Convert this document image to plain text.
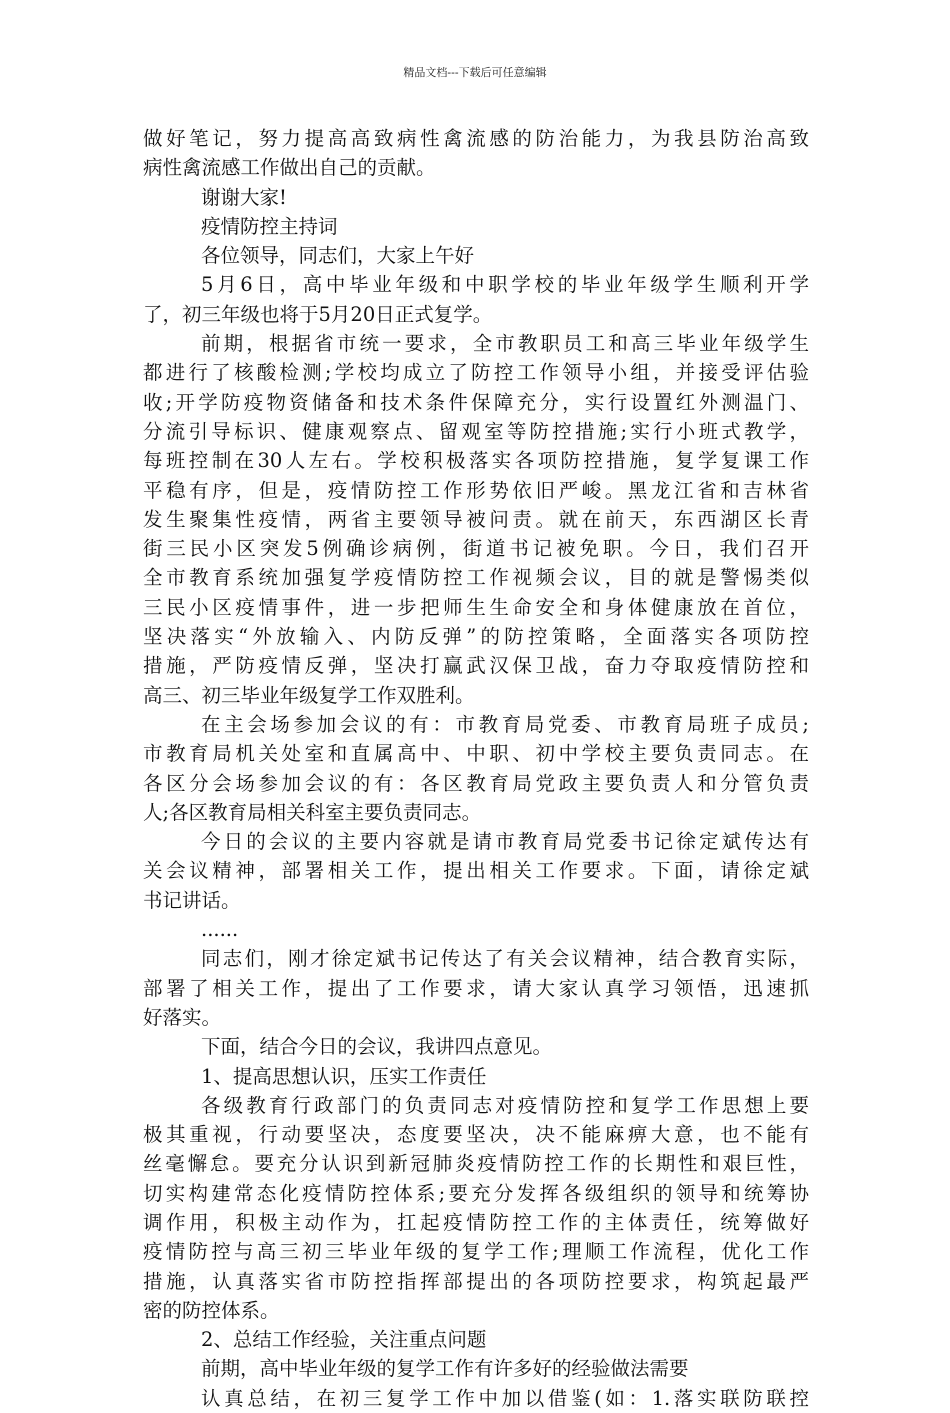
精品文档---下载后可任意编辑
做好笔记，努力提高高致病性禽流感的防治能力，为我县防治高致
病性禽流感工作做出自己的贡献。
谢谢大家!
疫情防控主持词
各位领导，同志们，大家上午好
5月6日，高中毕业年级和中职学校的毕业年级学生顺利开学
了，初三年级也将于5月20日正式复学。
前期，根据省市统一要求，全市教职员工和高三毕业年级学生
都进行了核酸检测;学校均成立了防控工作领导小组，并接受评估验
收;开学防疫物资储备和技术条件保障充分，实行设置红外测温门、
分流引导标识、健康观察点、留观室等防控措施;实行小班式教学，
每班控制在30人左右。学校积极落实各项防控措施，复学复课工作
平稳有序，但是，疫情防控工作形势依旧严峻。黑龙江省和吉林省
发生聚集性疫情，两省主要领导被问责。就在前天，东西湖区长青
街三民小区突发5例确诊病例，街道书记被免职。今日，我们召开
全市教育系统加强复学疫情防控工作视频会议，目的就是警惕类似
三民小区疫情事件，进一步把师生生命安全和身体健康放在首位，
坚决落实“外放输入、内防反弹”的防控策略，全面落实各项防控
措施，严防疫情反弹，坚决打赢武汉保卫战，奋力夺取疫情防控和
高三、初三毕业年级复学工作双胜利。
在主会场参加会议的有：市教育局党委、市教育局班子成员;
市教育局机关处室和直属高中、中职、初中学校主要负责同志。在
各区分会场参加会议的有：各区教育局党政主要负责人和分管负责
人;各区教育局相关科室主要负责同志。
今日的会议的主要内容就是请市教育局党委书记徐定斌传达有
关会议精神，部署相关工作，提出相关工作要求。下面，请徐定斌
书记讲话。
......
同志们，刚才徐定斌书记传达了有关会议精神，结合教育实际，
部署了相关工作，提出了工作要求，请大家认真学习领悟，迅速抓
好落实。
下面，结合今日的会议，我讲四点意见。
1、提高思想认识，压实工作责任
各级教育行政部门的负责同志对疫情防控和复学工作思想上要
极其重视，行动要坚决，态度要坚决，决不能麻痹大意，也不能有
丝毫懈怠。要充分认识到新冠肺炎疫情防控工作的长期性和艰巨性，
切实构建常态化疫情防控体系;要充分发挥各级组织的领导和统筹协
调作用，积极主动作为，扛起疫情防控工作的主体责任，统筹做好
疫情防控与高三初三毕业年级的复学工作;理顺工作流程，优化工作
措施，认真落实省市防控指挥部提出的各项防控要求，构筑起最严
密的防控体系。
2、总结工作经验，关注重点问题
前期，高中毕业年级的复学工作有许多好的经验做法需要
认真总结，在初三复学工作中加以借鉴(如：1.落实联防联控
